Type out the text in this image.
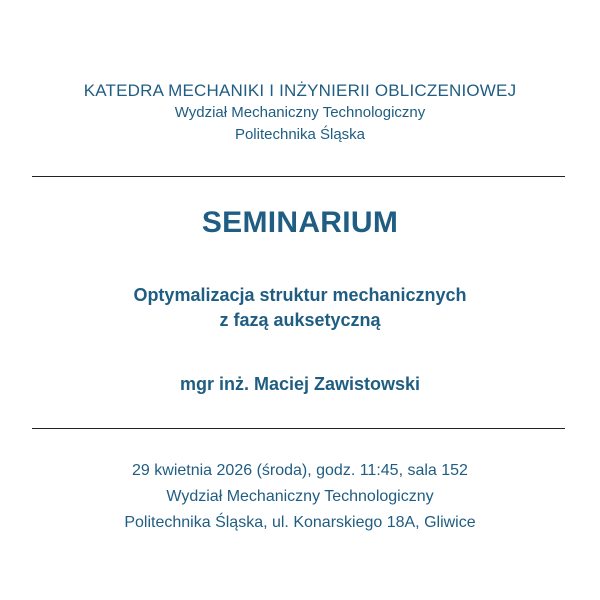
KATEDRA MECHANIKI I INŻYNIERII OBLICZENIOWEJ
Wydział Mechaniczny Technologiczny
Politechnika Śląska
SEMINARIUM
Optymalizacja struktur mechanicznych
z fazą auksetyczną
mgr inż. Maciej Zawistowski
29 kwietnia 2026 (środa), godz. 11:45, sala 152
Wydział Mechaniczny Technologiczny
Politechnika Śląska, ul. Konarskiego 18A, Gliwice
